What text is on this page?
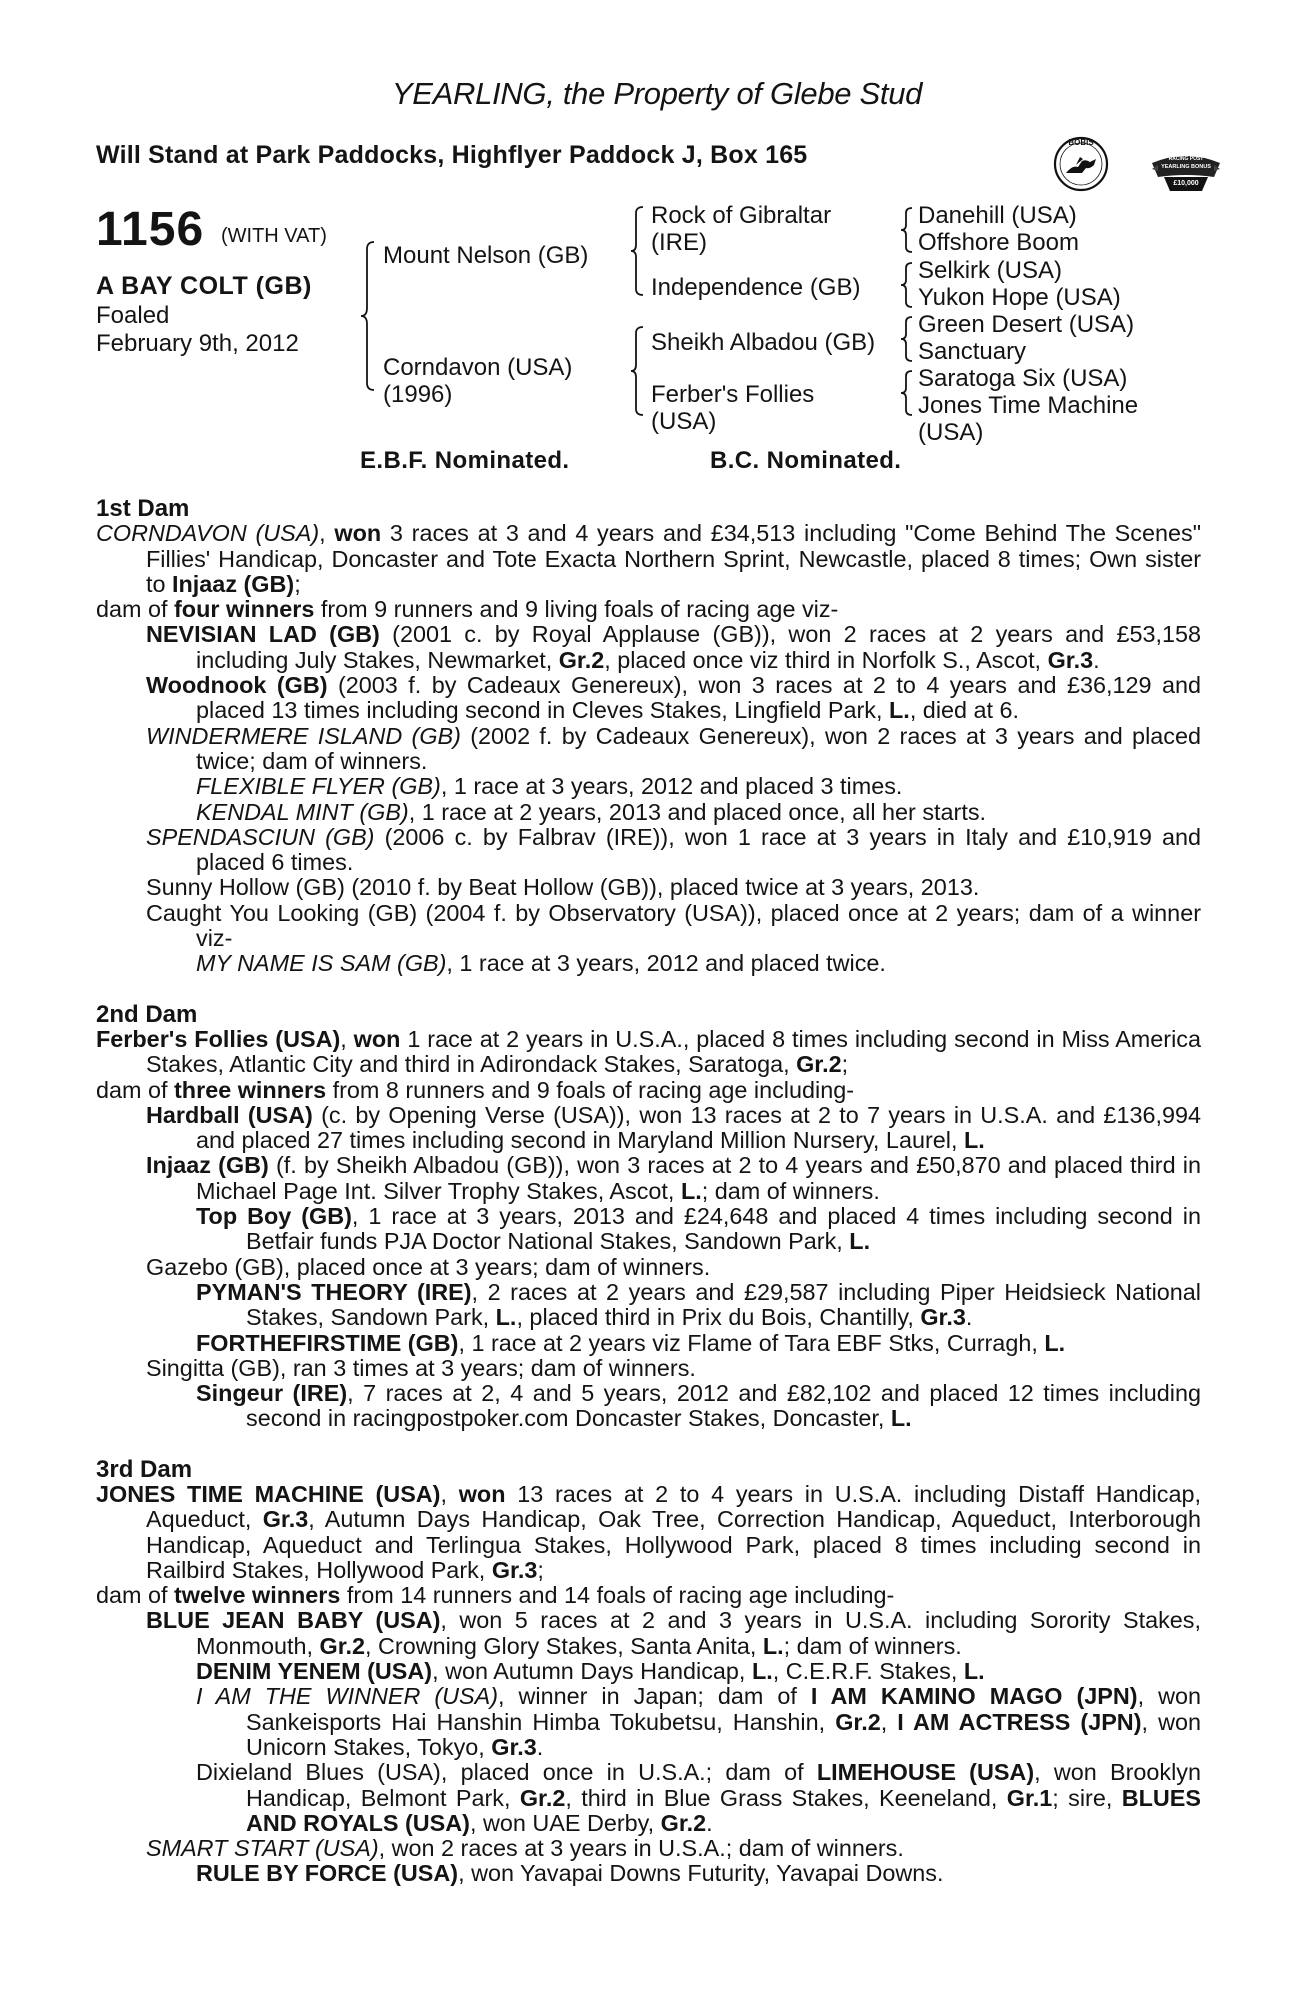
YEARLING, the Property of Glebe Stud
Will Stand at Park Paddocks, Highflyer Paddock J, Box 165	BOBIS
RACING POST
YEARLING BONUS
£10,000
1156 (WITH VAT)
A BAY COLT (GB)
Foaled
February 9th, 2012
Mount Nelson (GB)
Corndavon (USA)
(1996)
Rock of Gibraltar
(IRE)
Independence (GB)
Sheikh Albadou (GB)
Ferber's Follies
(USA)
Danehill (USA)
Offshore Boom
Selkirk (USA)
Yukon Hope (USA)
Green Desert (USA)
Sanctuary
Saratoga Six (USA)
Jones Time Machine
(USA)
E.B.F. Nominated.	B.C. Nominated.
1st Dam
CORNDAVON (USA), won 3 races at 3 and 4 years and £34,513 including "Come Behind The Scenes" Fillies' Handicap, Doncaster and Tote Exacta Northern Sprint, Newcastle, placed 8 times; Own sister to Injaaz (GB);
dam of four winners from 9 runners and 9 living foals of racing age viz-
NEVISIAN LAD (GB) (2001 c. by Royal Applause (GB)), won 2 races at 2 years and £53,158 including July Stakes, Newmarket, Gr.2, placed once viz third in Norfolk S., Ascot, Gr.3.
Woodnook (GB) (2003 f. by Cadeaux Genereux), won 3 races at 2 to 4 years and £36,129 and placed 13 times including second in Cleves Stakes, Lingfield Park, L., died at 6.
WINDERMERE ISLAND (GB) (2002 f. by Cadeaux Genereux), won 2 races at 3 years and placed twice; dam of winners.
FLEXIBLE FLYER (GB), 1 race at 3 years, 2012 and placed 3 times.
KENDAL MINT (GB), 1 race at 2 years, 2013 and placed once, all her starts.
SPENDASCIUN (GB) (2006 c. by Falbrav (IRE)), won 1 race at 3 years in Italy and £10,919 and placed 6 times.
Sunny Hollow (GB) (2010 f. by Beat Hollow (GB)), placed twice at 3 years, 2013.
Caught You Looking (GB) (2004 f. by Observatory (USA)), placed once at 2 years; dam of a winner viz-
MY NAME IS SAM (GB), 1 race at 3 years, 2012 and placed twice.
2nd Dam
Ferber's Follies (USA), won 1 race at 2 years in U.S.A., placed 8 times including second in Miss America Stakes, Atlantic City and third in Adirondack Stakes, Saratoga, Gr.2;
dam of three winners from 8 runners and 9 foals of racing age including-
Hardball (USA) (c. by Opening Verse (USA)), won 13 races at 2 to 7 years in U.S.A. and £136,994 and placed 27 times including second in Maryland Million Nursery, Laurel, L.
Injaaz (GB) (f. by Sheikh Albadou (GB)), won 3 races at 2 to 4 years and £50,870 and placed third in Michael Page Int. Silver Trophy Stakes, Ascot, L.; dam of winners.
Top Boy (GB), 1 race at 3 years, 2013 and £24,648 and placed 4 times including second in Betfair funds PJA Doctor National Stakes, Sandown Park, L.
Gazebo (GB), placed once at 3 years; dam of winners.
PYMAN'S THEORY (IRE), 2 races at 2 years and £29,587 including Piper Heidsieck National Stakes, Sandown Park, L., placed third in Prix du Bois, Chantilly, Gr.3.
FORTHEFIRSTIME (GB), 1 race at 2 years viz Flame of Tara EBF Stks, Curragh, L.
Singitta (GB), ran 3 times at 3 years; dam of winners.
Singeur (IRE), 7 races at 2, 4 and 5 years, 2012 and £82,102 and placed 12 times including second in racingpostpoker.com Doncaster Stakes, Doncaster, L.
3rd Dam
JONES TIME MACHINE (USA), won 13 races at 2 to 4 years in U.S.A. including Distaff Handicap, Aqueduct, Gr.3, Autumn Days Handicap, Oak Tree, Correction Handicap, Aqueduct, Interborough Handicap, Aqueduct and Terlingua Stakes, Hollywood Park, placed 8 times including second in Railbird Stakes, Hollywood Park, Gr.3;
dam of twelve winners from 14 runners and 14 foals of racing age including-
BLUE JEAN BABY (USA), won 5 races at 2 and 3 years in U.S.A. including Sorority Stakes, Monmouth, Gr.2, Crowning Glory Stakes, Santa Anita, L.; dam of winners.
DENIM YENEM (USA), won Autumn Days Handicap, L., C.E.R.F. Stakes, L.
I AM THE WINNER (USA), winner in Japan; dam of I AM KAMINO MAGO (JPN), won Sankeisports Hai Hanshin Himba Tokubetsu, Hanshin, Gr.2, I AM ACTRESS (JPN), won Unicorn Stakes, Tokyo, Gr.3.
Dixieland Blues (USA), placed once in U.S.A.; dam of LIMEHOUSE (USA), won Brooklyn Handicap, Belmont Park, Gr.2, third in Blue Grass Stakes, Keeneland, Gr.1; sire, BLUES AND ROYALS (USA), won UAE Derby, Gr.2.
SMART START (USA), won 2 races at 3 years in U.S.A.; dam of winners.
RULE BY FORCE (USA), won Yavapai Downs Futurity, Yavapai Downs.
